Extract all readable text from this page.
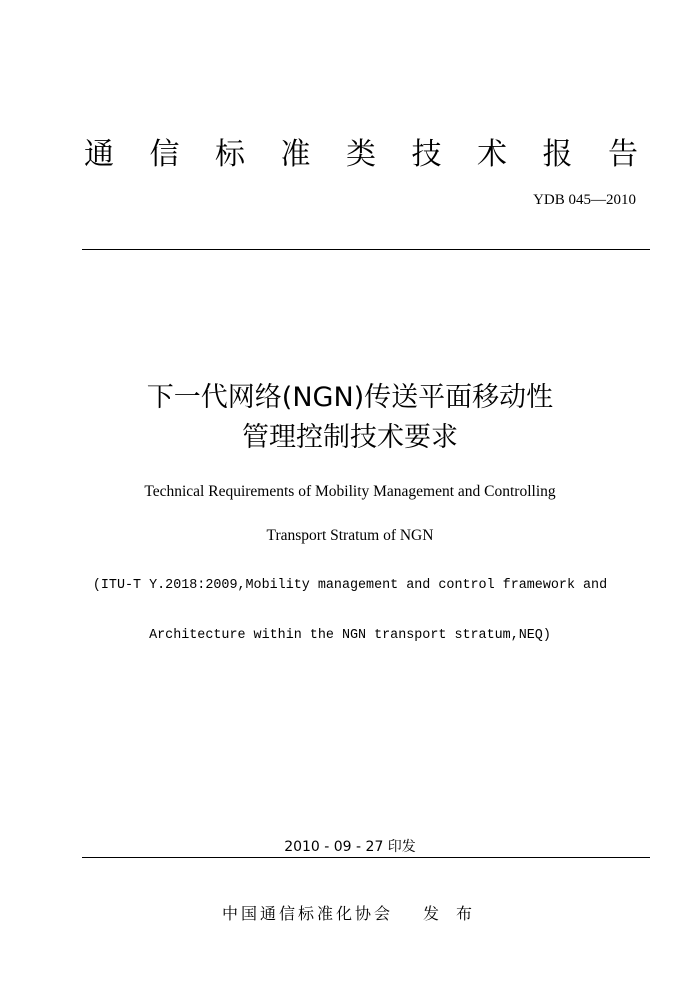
通 信 标 准 类 技 术 报 告
YDB 045—2010
下一代网络(NGN)传送平面移动性
管理控制技术要求
Technical Requirements of Mobility Management and Controlling
Transport Stratum of NGN
(ITU-T Y.2018:2009,Mobility management and control framework and
Architecture within the NGN transport stratum,NEQ)
2010 - 09 - 27 印发
中国通信标准化协会 发 布
